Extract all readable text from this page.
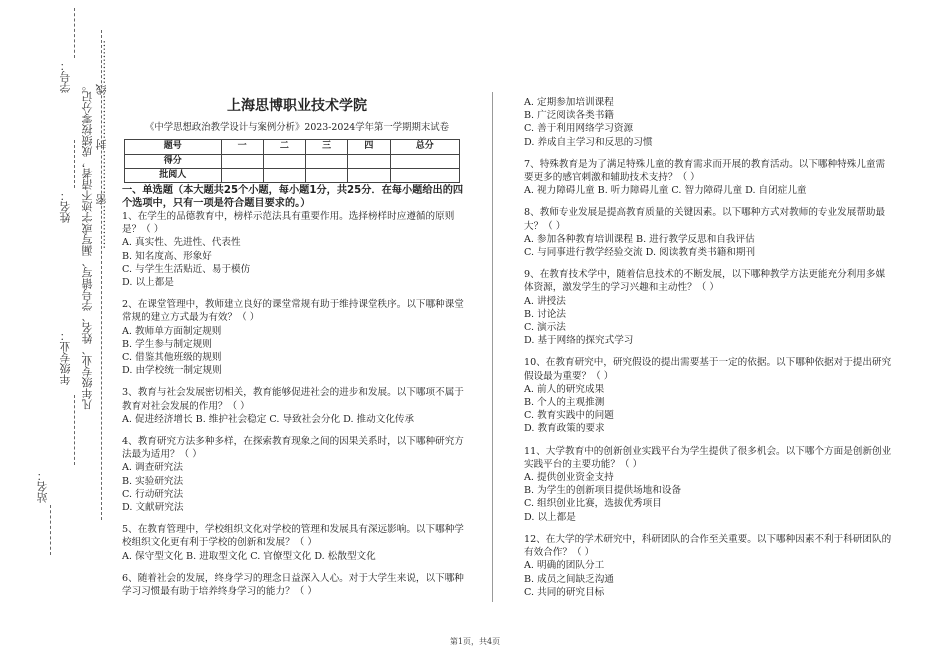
学号：
姓名： 凡年级专业、姓名、学号错写、漏写或字迹不清者，成绩按零分记。 …………密…………封…………线…………
年级专业：
站名：
上海思博职业技术学院
《中学思想政治教学设计与案例分析》2023-2024学年第一学期期末试卷
题号	一	二	三	四	总分
得分					
批阅人					
一、单选题（本大题共25个小题，每小题1分，共25分．在每小题给出的四个选项中，只有一项是符合题目要求的。）

1、在学生的品德教育中，榜样示范法具有重要作用。选择榜样时应遵循的原则是？（ ）

A. 真实性、先进性、代表性

B. 知名度高、形象好

C. 与学生生活贴近、易于模仿

D. 以上都是

2、在课堂管理中，教师建立良好的课堂常规有助于维持课堂秩序。以下哪种课堂常规的建立方式最为有效？（ ）

A. 教师单方面制定规则

B. 学生参与制定规则

C. 借鉴其他班级的规则

D. 由学校统一制定规则

3、教育与社会发展密切相关，教育能够促进社会的进步和发展。以下哪项不属于教育对社会发展的作用？（ ）

A. 促进经济增长 B. 维护社会稳定 C. 导致社会分化 D. 推动文化传承

4、教育研究方法多种多样，在探索教育现象之间的因果关系时，以下哪种研究方法最为适用？（ ）

A. 调查研究法

B. 实验研究法

C. 行动研究法

D. 文献研究法

5、在教育管理中，学校组织文化对学校的管理和发展具有深远影响。以下哪种学校组织文化更有利于学校的创新和发展？（ ）

A. 保守型文化 B. 进取型文化 C. 官僚型文化 D. 松散型文化

6、随着社会的发展，终身学习的理念日益深入人心。对于大学生来说，以下哪种学习习惯最有助于培养终身学习的能力？（ ）

A. 定期参加培训课程

B. 广泛阅读各类书籍

C. 善于利用网络学习资源

D. 养成自主学习和反思的习惯

7、特殊教育是为了满足特殊儿童的教育需求而开展的教育活动。以下哪种特殊儿童需要更多的感官刺激和辅助技术支持？（ ）

A. 视力障碍儿童 B. 听力障碍儿童 C. 智力障碍儿童 D. 自闭症儿童

8、教师专业发展是提高教育质量的关键因素。以下哪种方式对教师的专业发展帮助最大？（ ）

A. 参加各种教育培训课程 B. 进行教学反思和自我评估

C. 与同事进行教学经验交流 D. 阅读教育类书籍和期刊

9、在教育技术学中，随着信息技术的不断发展，以下哪种教学方法更能充分利用多媒体资源，激发学生的学习兴趣和主动性？（ ）

A. 讲授法

B. 讨论法

C. 演示法

D. 基于网络的探究式学习

10、在教育研究中，研究假设的提出需要基于一定的依据。以下哪种依据对于提出研究假设最为重要？（ ）

A. 前人的研究成果

B. 个人的主观推测

C. 教育实践中的问题

D. 教育政策的要求

11、大学教育中的创新创业实践平台为学生提供了很多机会。以下哪个方面是创新创业实践平台的主要功能？（ ）

A. 提供创业资金支持

B. 为学生的创新项目提供场地和设备

C. 组织创业比赛，选拔优秀项目

D. 以上都是

12、在大学的学术研究中，科研团队的合作至关重要。以下哪种因素不利于科研团队的有效合作？（ ）

A. 明确的团队分工

B. 成员之间缺乏沟通

C. 共同的研究目标

第1页，共4页
